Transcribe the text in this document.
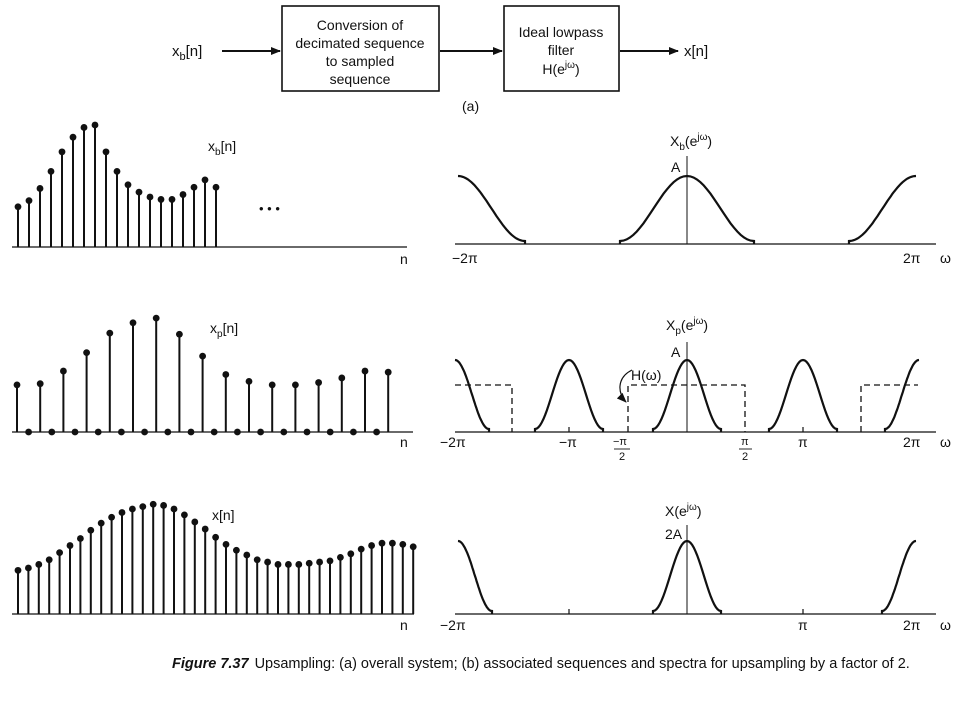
$x_b[n]$
Conversion of
decimated sequence
to sampled
sequence
Ideal lowpass
filter
$H(e^{j\omega})$
x[n]
(a)
$x_b[n]$
• • •
n
$X_b(e^{j\omega})$
A
−2π	2π ω
$x_p[n]$
n
$X_p(e^{j\omega})$
A
H(ω)
−2π	−π	π	2π ω
−π
2
π
2
x[n]
n
$X(e^{j\omega})$
2A
−2π	π	2π ω
Figure 7.37 Upsampling: (a) overall system; (b) associated sequences and spectra for upsampling by a factor of 2.
